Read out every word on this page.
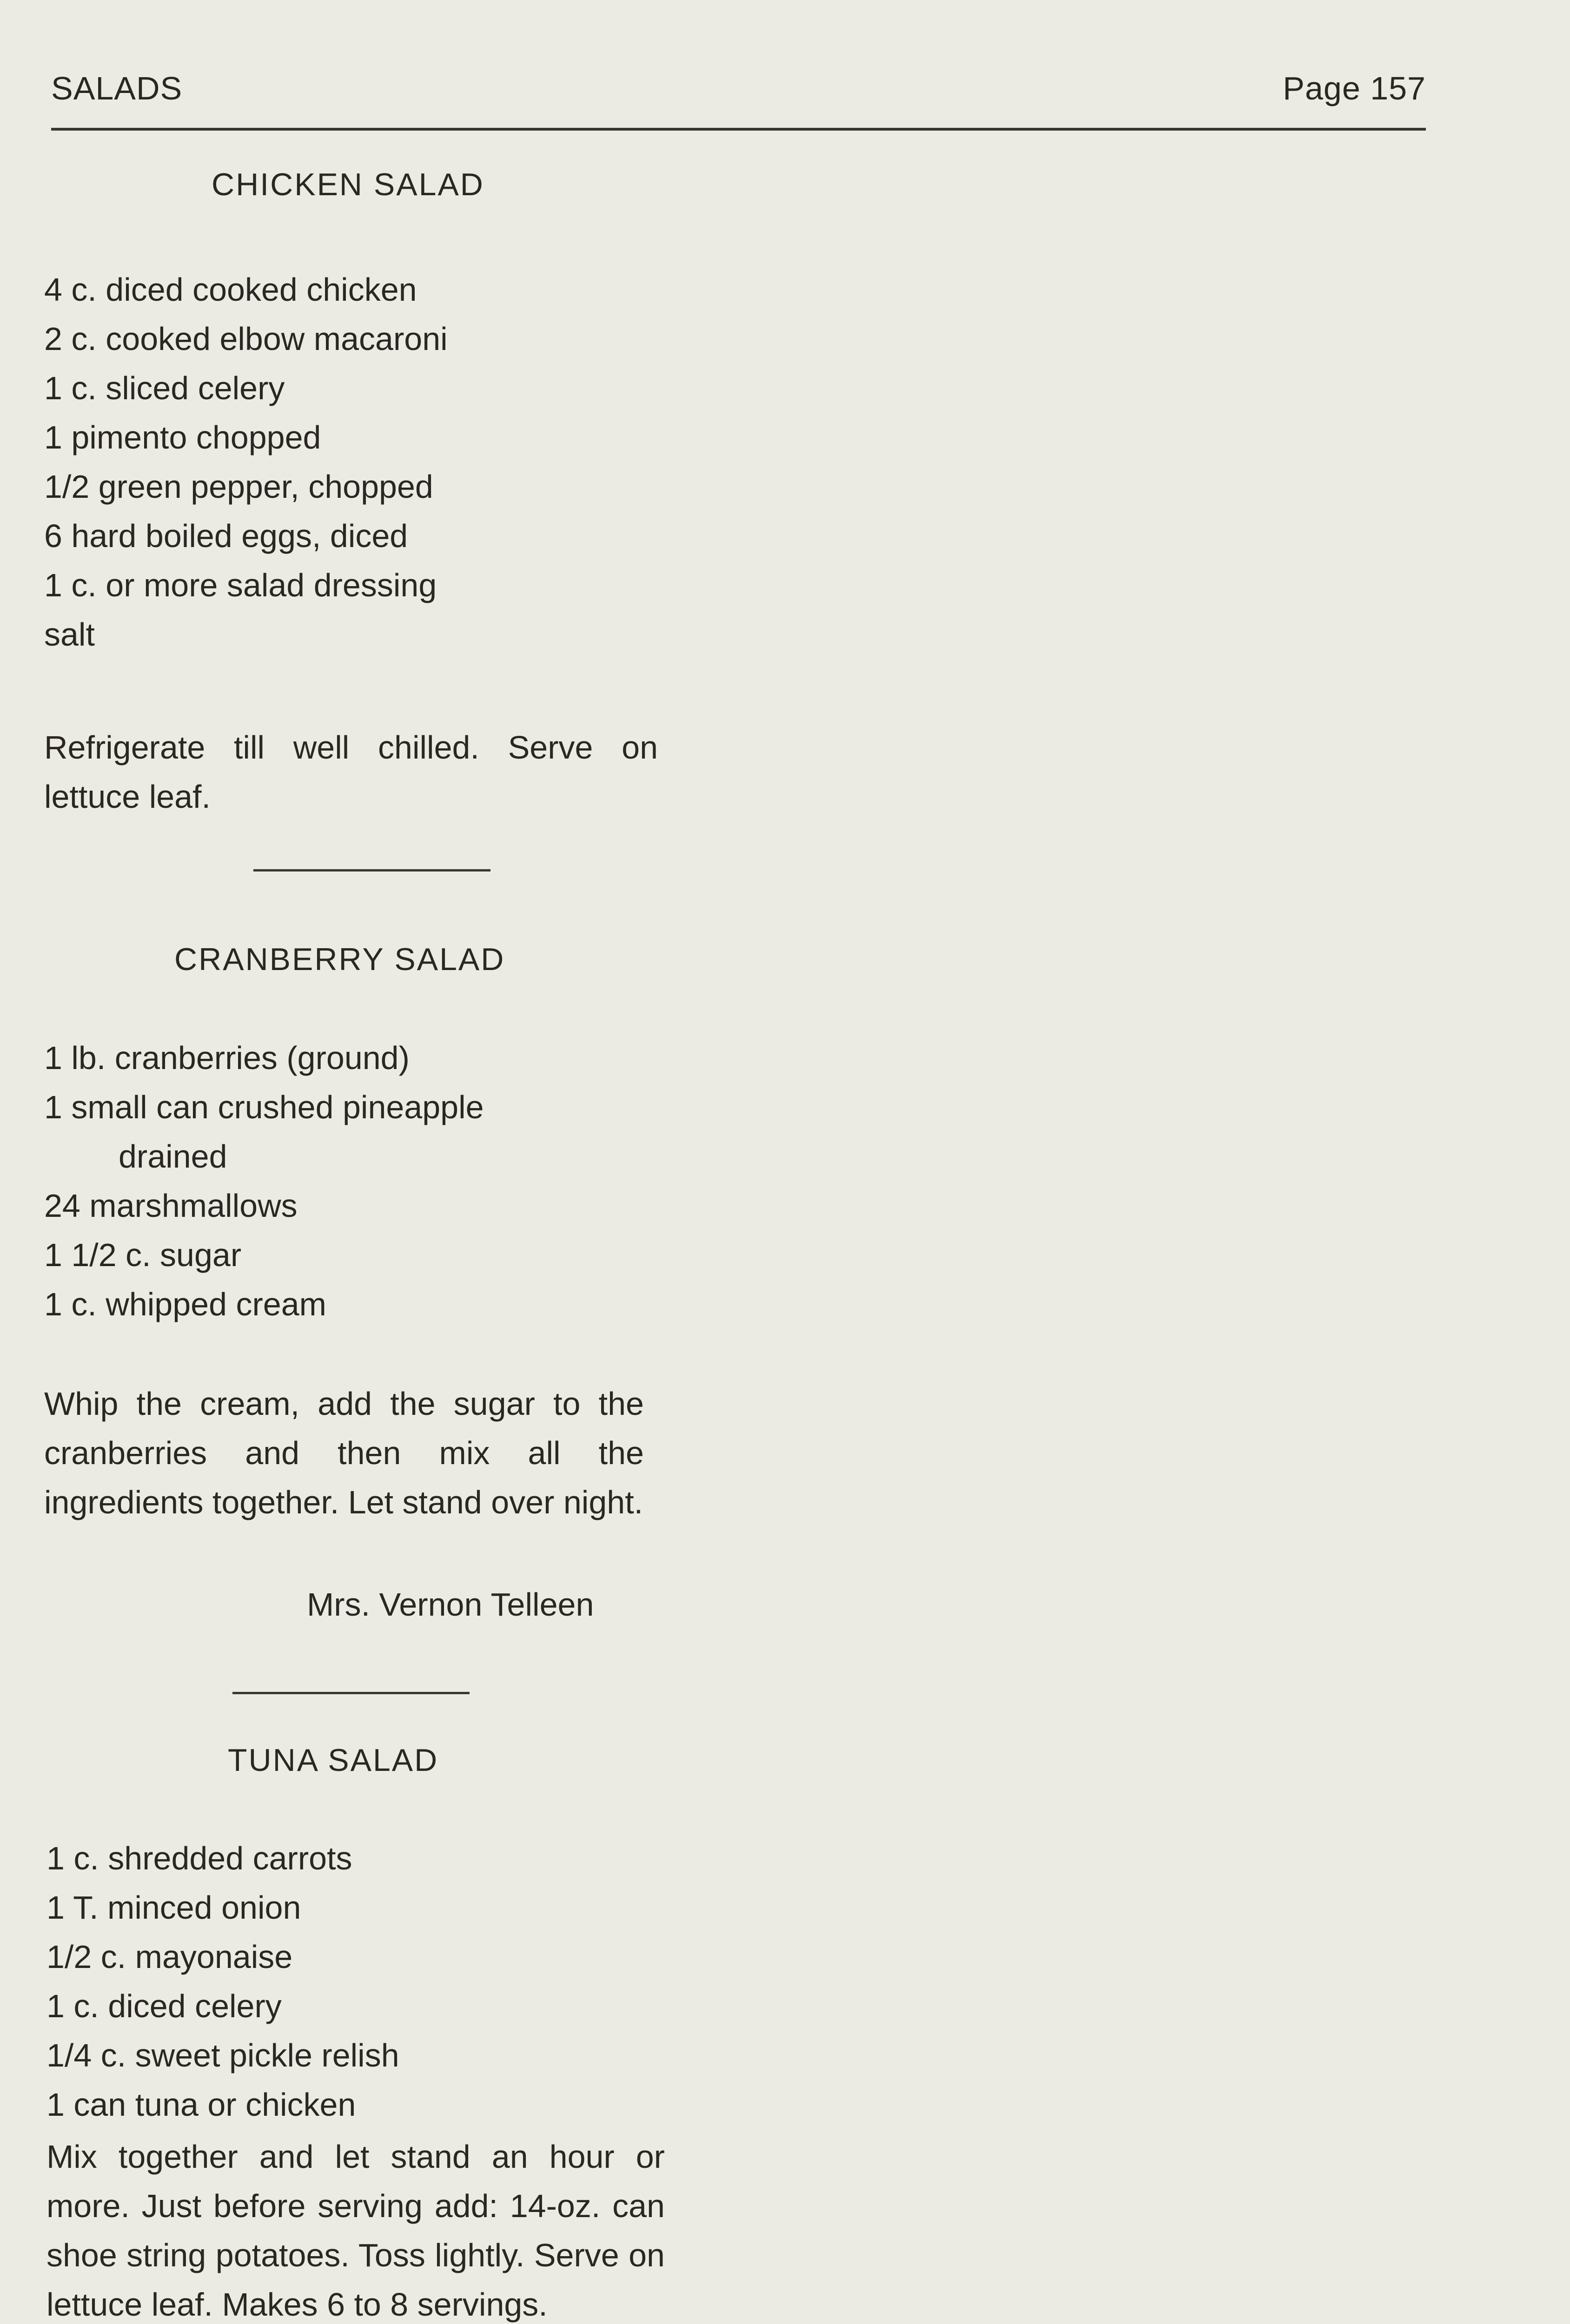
SALADS	Page 157
CHICKEN SALAD
4 c. diced cooked chicken
2 c. cooked elbow macaroni
1 c. sliced celery
1 pimento chopped
1/2 green pepper, chopped
6 hard boiled eggs, diced
1 c. or more salad dressing
salt

Refrigerate till well chilled. Serve on lettuce leaf.

CRANBERRY SALAD
1 lb. cranberries (ground)
1 small can crushed pineapple
drained
24 marshmallows
1 1/2 c. sugar
1 c. whipped cream

Whip the cream, add the sugar to the cranberries and then mix all the ingredients together. Let stand over night.

Mrs. Vernon Telleen
TUNA SALAD
1 c. shredded carrots
1 T. minced onion
1/2 c. mayonaise
1 c. diced celery
1/4 c. sweet pickle relish
1 can tuna or chicken

Mix together and let stand an hour or more. Just before serving add: 14-oz. can shoe string potatoes. Toss lightly. Serve on lettuce leaf. Makes 6 to 8 servings.
